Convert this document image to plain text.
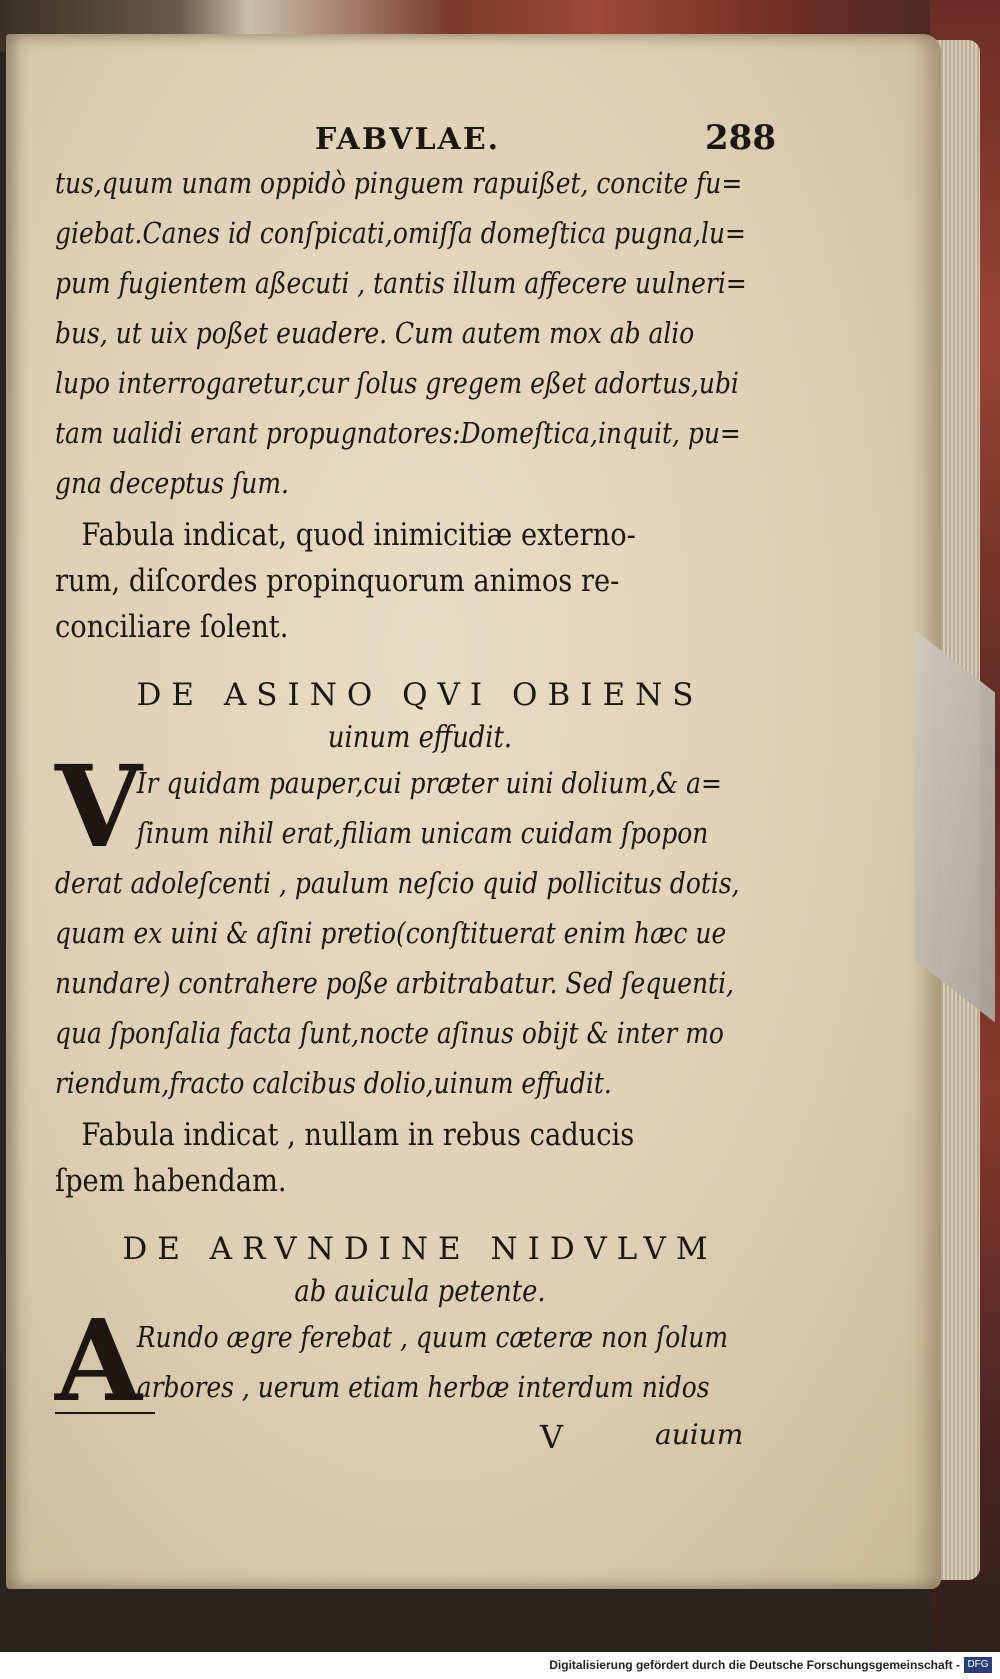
FABVLAE.	288
tus,quum unam oppidò pinguem rapuißet, concite fu=
giebat.Canes id conſpicati,omiſſa domeſtica pugna,lu=
pum fugientem aßecuti , tantis illum affecere uulneri=
bus, ut uix poßet euadere. Cum autem mox ab alio
lupo interrogaretur,cur ſolus gregem eßet adortus,ubi
tam ualidi erant propugnatores:Domeſtica,inquit, pu=
gna deceptus ſum.
Fabula indicat, quod inimicitiæ externo-
rum, diſcordes propinquorum animos re-
conciliare ſolent.
DE ASINO QVI OBIENS
uinum effudit.
V
Ir quidam pauper,cui præter uini dolium,& a=
ſinum nihil erat,filiam unicam cuidam ſpopon
derat adoleſcenti , paulum neſcio quid pollicitus dotis,
quam ex uini & aſini pretio(conſtituerat enim hæc ue
nundare) contrahere poße arbitrabatur. Sed ſequenti,
qua ſponſalia facta ſunt,nocte aſinus obijt & inter mo
riendum,fracto calcibus dolio,uinum effudit.
Fabula indicat , nullam in rebus caducis
ſpem habendam.
DE ARVNDINE NIDVLVM
ab auicula petente.
A
Rundo ægre ferebat , quum cæteræ non ſolum
arbores , uerum etiam herbæ interdum nidos
V	auium
Digitalisierung gefördert durch die Deutsche Forschungsgemeinschaft - DFG
